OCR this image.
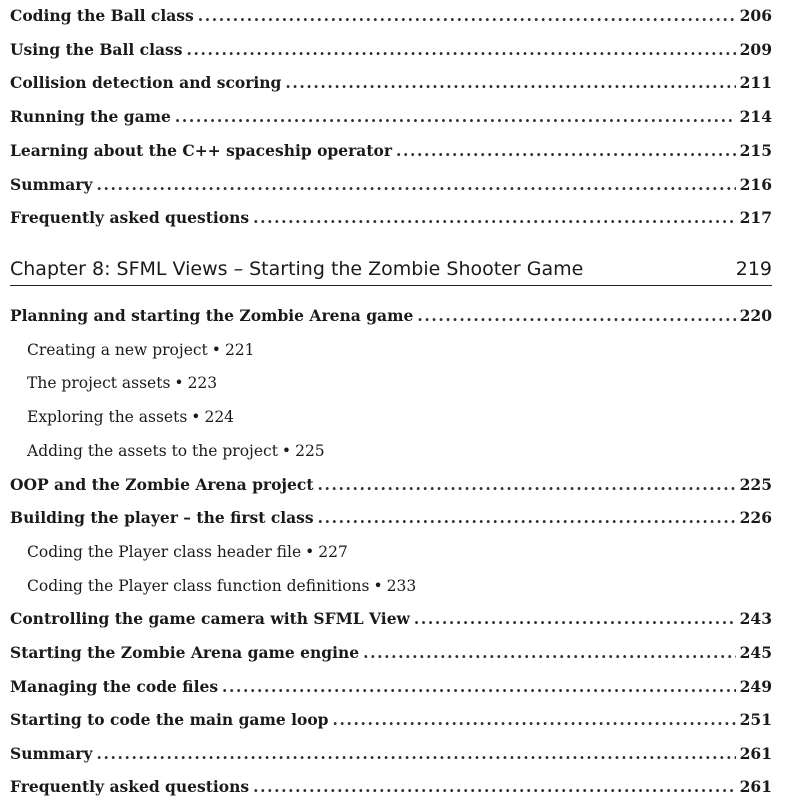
Coding the Ball class .....	206
Using the Ball class .....	209
Collision detection and scoring .....	211
Running the game .....	214
Learning about the C++ spaceship operator .....	215
Summary .....	216
Frequently asked questions .....	217
Chapter 8: SFML Views – Starting the Zombie Shooter Game	219
Planning and starting the Zombie Arena game .....	220
Creating a new project • 221
The project assets • 223
Exploring the assets • 224
Adding the assets to the project • 225
OOP and the Zombie Arena project .....	225
Building the player – the first class .....	226
Coding the Player class header file • 227
Coding the Player class function definitions • 233
Controlling the game camera with SFML View .....	243
Starting the Zombie Arena game engine .....	245
Managing the code files .....	249
Starting to code the main game loop .....	251
Summary .....	261
Frequently asked questions .....	261
